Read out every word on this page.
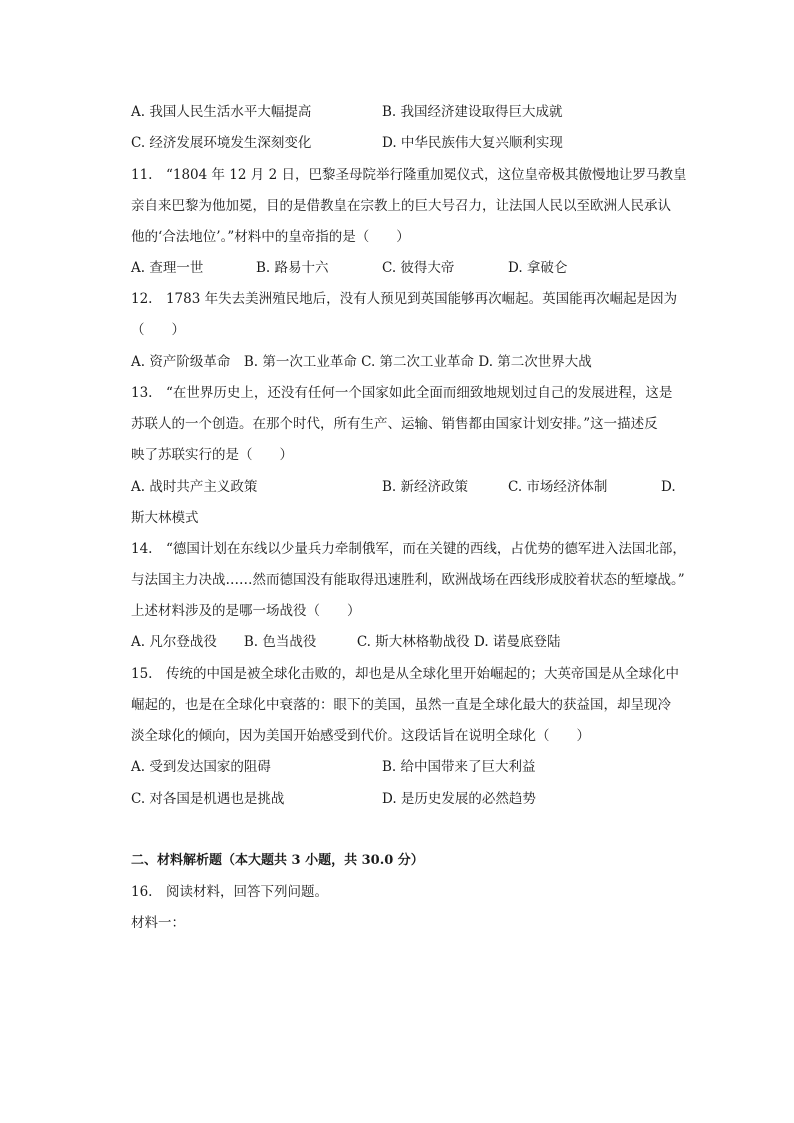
A. 我国人民生活水平大幅提高	B. 我国经济建设取得巨大成就
C. 经济发展环境发生深刻变化	D. 中华民族伟大复兴顺利实现
11.　“1804 年 12 月 2 日，巴黎圣母院举行隆重加冕仪式，这位皇帝极其傲慢地让罗马教皇
亲自来巴黎为他加冕，目的是借教皇在宗教上的巨大号召力，让法国人民以至欧洲人民承认
他的‘合法地位’。”材料中的皇帝指的是（　　）
A. 查理一世	B. 路易十六	C. 彼得大帝	D. 拿破仑
12.　1783 年失去美洲殖民地后，没有人预见到英国能够再次崛起。英国能再次崛起是因为
（　　）
A. 资产阶级革命　B. 第一次工业革命 C. 第二次工业革命 D. 第二次世界大战
13.　“在世界历史上，还没有任何一个国家如此全面而细致地规划过自己的发展进程，这是
苏联人的一个创造。在那个时代，所有生产、运输、销售都由国家计划安排。”这一描述反
映了苏联实行的是（　　）
A. 战时共产主义政策	B. 新经济政策	C. 市场经济体制	D.
斯大林模式
14.　“德国计划在东线以少量兵力牵制俄军，而在关键的西线，占优势的德军进入法国北部，
与法国主力决战……然而德国没有能取得迅速胜利，欧洲战场在西线形成胶着状态的堑壕战。”
上述材料涉及的是哪一场战役（　　）
A. 凡尔登战役　　B. 色当战役　　　C. 斯大林格勒战役 D. 诺曼底登陆
15.　传统的中国是被全球化击败的，却也是从全球化里开始崛起的；大英帝国是从全球化中
崛起的，也是在全球化中衰落的：眼下的美国，虽然一直是全球化最大的获益国，却呈现冷
淡全球化的倾向，因为美国开始感受到代价。这段话旨在说明全球化（　　）
A. 受到发达国家的阻碍	B. 给中国带来了巨大利益
C. 对各国是机遇也是挑战	D. 是历史发展的必然趋势
二、材料解析题（本大题共 3 小题，共 30.0 分）
16.　阅读材料，回答下列问题。
材料一：
